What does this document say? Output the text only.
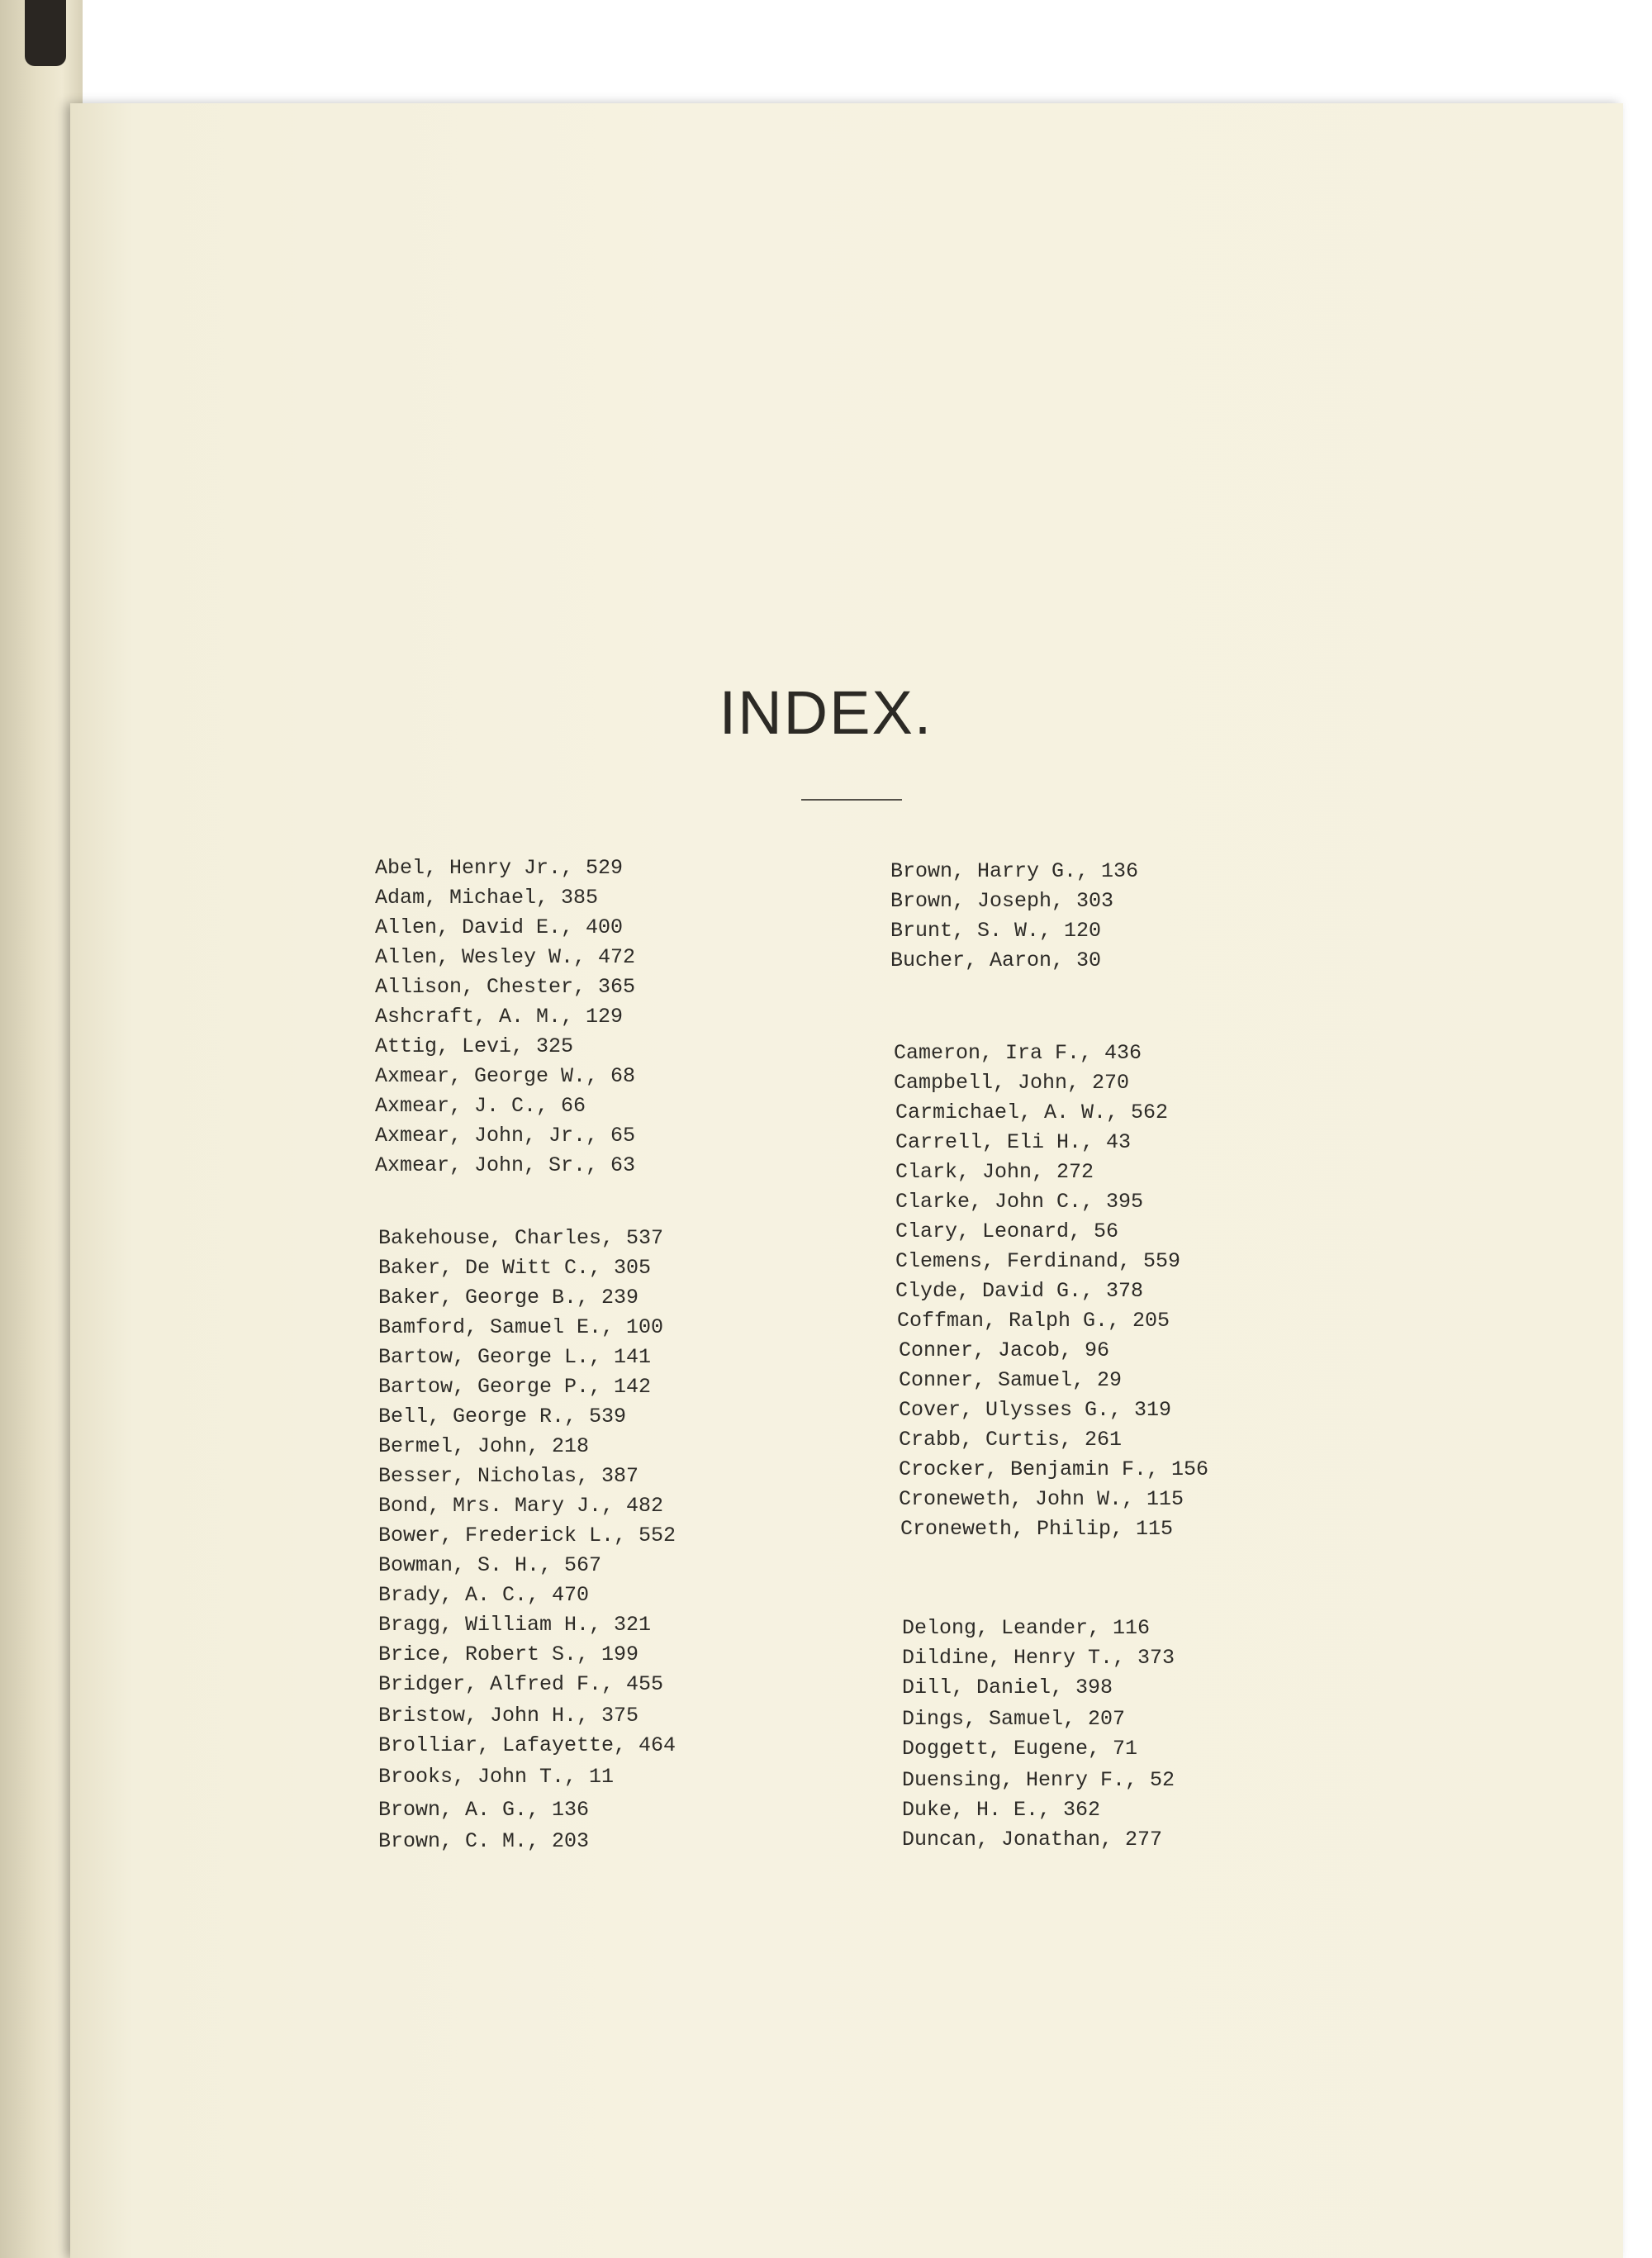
INDEX.
Abel, Henry Jr., 529
Adam, Michael, 385
Allen, David E., 400
Allen, Wesley W., 472
Allison, Chester, 365
Ashcraft, A. M., 129
Attig, Levi, 325
Axmear, George W., 68
Axmear, J. C., 66
Axmear, John, Jr., 65
Axmear, John, Sr., 63
Bakehouse, Charles, 537
Baker, De Witt C., 305
Baker, George B., 239
Bamford, Samuel E., 100
Bartow, George L., 141
Bartow, George P., 142
Bell, George R., 539
Bermel, John, 218
Besser, Nicholas, 387
Bond, Mrs. Mary J., 482
Bower, Frederick L., 552
Bowman, S. H., 567
Brady, A. C., 470
Bragg, William H., 321
Brice, Robert S., 199
Bridger, Alfred F., 455
Bristow, John H., 375
Brolliar, Lafayette, 464
Brooks, John T., 11
Brown, A. G., 136
Brown, C. M., 203
Brown, Harry G., 136
Brown, Joseph, 303
Brunt, S. W., 120
Bucher, Aaron, 30
Cameron, Ira F., 436
Campbell, John, 270
Carmichael, A. W., 562
Carrell, Eli H., 43
Clark, John, 272
Clarke, John C., 395
Clary, Leonard, 56
Clemens, Ferdinand, 559
Clyde, David G., 378
Coffman, Ralph G., 205
Conner, Jacob, 96
Conner, Samuel, 29
Cover, Ulysses G., 319
Crabb, Curtis, 261
Crocker, Benjamin F., 156
Croneweth, John W., 115
Croneweth, Philip, 115
Delong, Leander, 116
Dildine, Henry T., 373
Dill, Daniel, 398
Dings, Samuel, 207
Doggett, Eugene, 71
Duensing, Henry F., 52
Duke, H. E., 362
Duncan, Jonathan, 277
